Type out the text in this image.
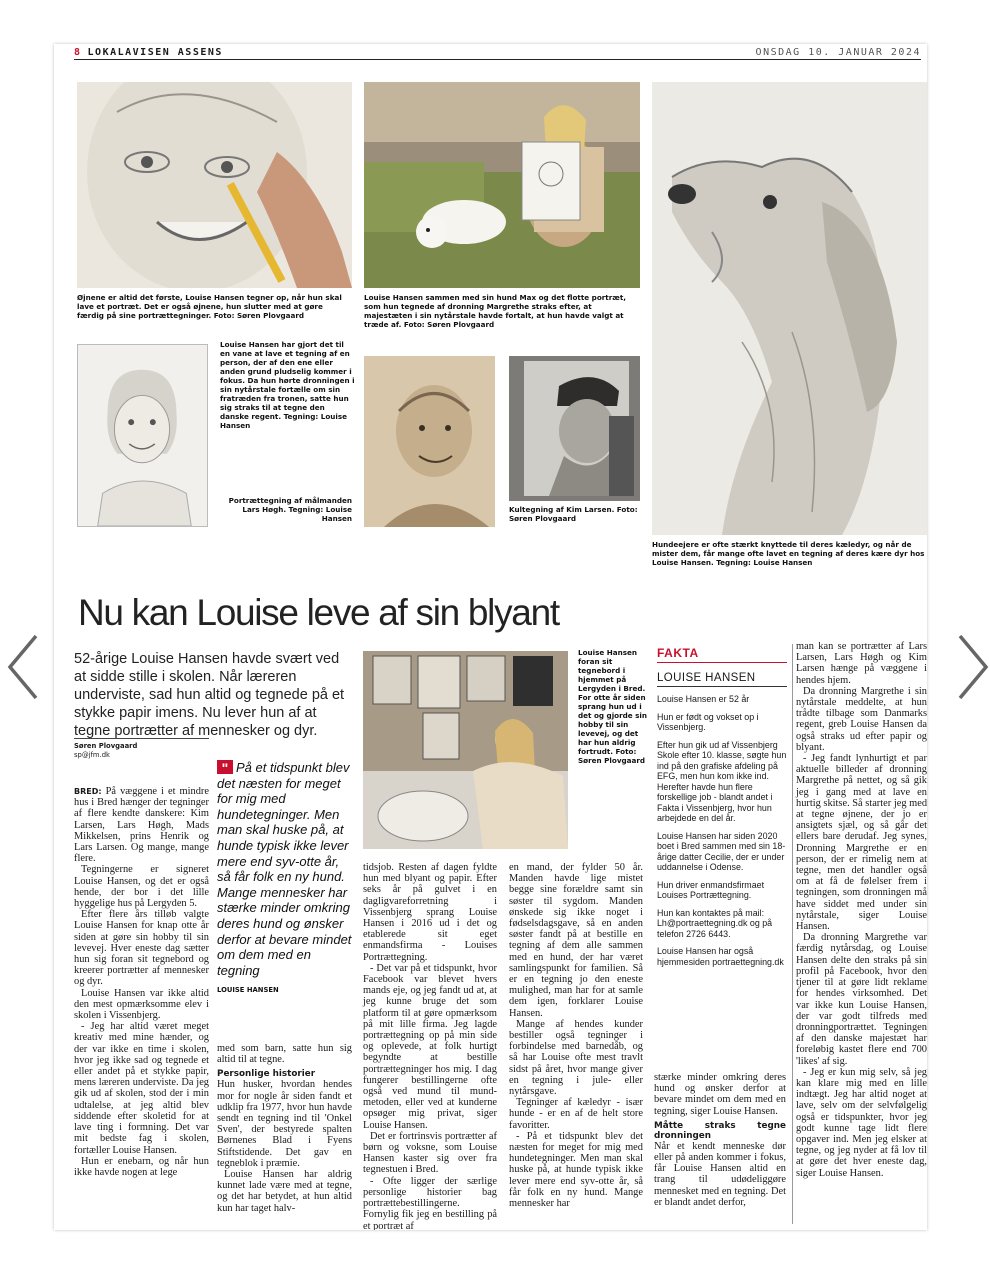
8 LOKALAVISEN ASSENS	ONSDAG 10. JANUAR 2024
Øjnene er altid det første, Louise Hansen tegner op, når hun skal lave et portræt. Det er også øjnene, hun slutter med at gøre færdig på sine portrættegninger. Foto: Søren Plovgaard
Louise Hansen sammen med sin hund Max og det flotte portræt, som hun tegnede af dronning Margrethe straks efter, at majestæten i sin nytårstale havde fortalt, at hun havde valgt at træde af. Foto: Søren Plovgaard
Hundeejere er ofte stærkt knyttede til deres kæledyr, og når de mister dem, får mange ofte lavet en tegning af deres kære dyr hos Louise Hansen. Tegning: Louise Hansen
Louise Hansen har gjort det til en vane at lave et tegning af en person, der af den ene eller anden grund pludselig kommer i fokus. Da hun hørte dronningen i sin nytårstale fortælle om sin fratræden fra tronen, satte hun sig straks til at tegne den danske regent. Tegning: Louise Hansen
Portrættegning af målmanden Lars Høgh. Tegning: Louise Hansen
Kultegning af Kim Larsen. Foto: Søren Plovgaard
Nu kan Louise leve af sin blyant
52-årige Louise Hansen havde svært ved at sidde stille i skolen. Når læreren underviste, sad hun altid og tegnede på et stykke papir imens. Nu lever hun af at tegne portrætter af mennesker og dyr.
Søren Plovgaard
sp@jfm.dk

BRED: På væggene i et mindre hus i Bred hænger der tegninger af flere kendte danskere: Kim Larsen, Lars Høgh, Mads Mikkelsen, prins Henrik og Lars Larsen. Og mange, mange flere.

Tegningerne er signeret Louise Hansen, og det er også hende, der bor i det lille hyggelige hus på Lergyden 5.

Efter flere års tilløb valgte Louise Hansen for knap otte år siden at gøre sin hobby til sin levevej. Hver eneste dag sætter hun sig foran sit tegnebord og kreerer portrætter af mennesker og dyr.

Louise Hansen var ikke altid den mest opmærksomme elev i skolen i Vissenbjerg.

- Jeg har altid været meget kreativ med mine hænder, og der var ikke en time i skolen, hvor jeg ikke sad og tegnede et eller andet på et stykke papir, mens læreren underviste. Da jeg gik ud af skolen, stod der i min udtalelse, at jeg altid blev siddende efter skoletid for at lave ting i formning. Det var mit bedste fag i skolen, fortæller Louise Hansen.

Hun er enebarn, og når hun ikke havde nogen at lege

" På et tidspunkt blev det næsten for meget for mig med hundetegninger. Men man skal huske på, at hunde typisk ikke lever mere end syv-otte år, så får folk en ny hund. Mange mennesker har stærke minder omkring deres hund og ønsker derfor at bevare mindet om dem med en tegning
LOUISE HANSEN

med som barn, satte hun sig altid til at tegne.

Personlige historier

Hun husker, hvordan hendes mor for nogle år siden fandt et udklip fra 1977, hvor hun havde sendt en tegning ind til 'Onkel Sven', der bestyrede spalten Børnenes Blad i Fyens Stiftstidende. Det gav en tegneblok i præmie.

Louise Hansen har aldrig kunnet lade være med at tegne, og det har betydet, at hun altid kun har taget halv-

Louise Hansen foran sit tegnebord i hjemmet på Lergyden i Bred. For otte år siden sprang hun ud i det og gjorde sin hobby til sin levevej, og det har hun aldrig fortrudt. Foto: Søren Plovgaard

tidsjob. Resten af dagen fyldte hun med blyant og papir. Efter seks år på gulvet i en dagligvareforretning i Vissenbjerg sprang Louise Hansen i 2016 ud i det og etablerede sit eget enmandsfirma - Louises Portrættegning.

- Det var på et tidspunkt, hvor Facebook var blevet hvers mands eje, og jeg fandt ud at, at jeg kunne bruge det som platform til at gøre opmærksom på mit lille firma. Jeg lagde portrættegning op på min side og oplevede, at folk hurtigt begyndte at bestille portrættegninger hos mig. I dag fungerer bestillingerne ofte også ved mund til mund-metoden, eller ved at kunderne opsøger mig privat, siger Louise Hansen.

Det er fortrinsvis portrætter af børn og voksne, som Louise Hansen kaster sig over fra tegnestuen i Bred.

- Ofte ligger der særlige personlige historier bag portrættebestillingerne. Fornylig fik jeg en bestilling på et portræt af

en mand, der fylder 50 år. Manden havde lige mistet begge sine forældre samt sin søster til sygdom. Manden ønskede sig ikke noget i fødselsdagsgave, så en anden søster fandt på at bestille en tegning af dem alle sammen med en hund, der har været samlingspunkt for familien. Så er en tegning jo den eneste mulighed, man har for at samle dem igen, forklarer Louise Hansen.

Mange af hendes kunder bestiller også tegninger i forbindelse med barnedåb, og så har Louise ofte mest travlt sidst på året, hvor mange giver en tegning i jule- eller nytårsgave.

Tegninger af kæledyr - især hunde - er en af de helt store favoritter.

- På et tidspunkt blev det næsten for meget for mig med hundetegninger. Men man skal huske på, at hunde typisk ikke lever mere end syv-otte år, så får folk en ny hund. Mange mennesker har

FAKTA
LOUISE HANSEN

Louise Hansen er 52 år

Hun er født og vokset op i Vissenbjerg.

Efter hun gik ud af Vissenbjerg Skole efter 10. klasse, søgte hun ind på den grafiske afdeling på EFG, men hun kom ikke ind. Herefter havde hun flere forskellige job - blandt andet i Fakta i Vissenbjerg, hvor hun arbejdede en del år.

Louise Hansen har siden 2020 boet i Bred sammen med sin 18-årige datter Cecilie, der er under uddannelse i Odense.

Hun driver enmandsfirmaet Louises Portrættegning.

Hun kan kontaktes på mail: Lh@portraettegning.dk og på telefon 2726 6443.

Louise Hansen har også hjemmesiden portraettegning.dk

stærke minder omkring deres hund og ønsker derfor at bevare mindet om dem med en tegning, siger Louise Hansen.

Måtte straks tegne dronningen

Når et kendt menneske dør eller på anden kommer i fokus, får Louise Hansen altid en trang til udødeliggøre mennesket med en tegning. Det er blandt andet derfor,

man kan se portrætter af Lars Larsen, Lars Høgh og Kim Larsen hænge på væggene i hendes hjem.

Da dronning Margrethe i sin nytårstale meddelte, at hun trådte tilbage som Danmarks regent, greb Louise Hansen da også straks ud efter papir og blyant.

- Jeg fandt lynhurtigt et par aktuelle billeder af dronning Margrethe på nettet, og så gik jeg i gang med at lave en hurtig skitse. Så starter jeg med at tegne øjnene, der jo er ansigtets sjæl, og så går det ellers bare derudaf. Jeg synes, Dronning Margrethe er en person, der er rimelig nem at tegne, men det handler også om at få de følelser frem i tegningen, som dronningen må have siddet med under sin nytårstale, siger Louise Hansen.

Da dronning Margrethe var færdig nytårsdag, og Louise Hansen delte den straks på sin profil på Facebook, hvor den tjener til at gøre lidt reklame for hendes virksomhed. Det var ikke kun Louise Hansen, der var godt tilfreds med dronningportrættet. Tegningen af den danske majestæt har foreløbig kastet flere end 700 'likes' af sig.

- Jeg er kun mig selv, så jeg kan klare mig med en lille indtægt. Jeg har altid noget at lave, selv om der selvfølgelig også er tidspunkter, hvor jeg godt kunne tage lidt flere opgaver ind. Men jeg elsker at tegne, og jeg nyder at få lov til at gøre det hver eneste dag, siger Louise Hansen.
